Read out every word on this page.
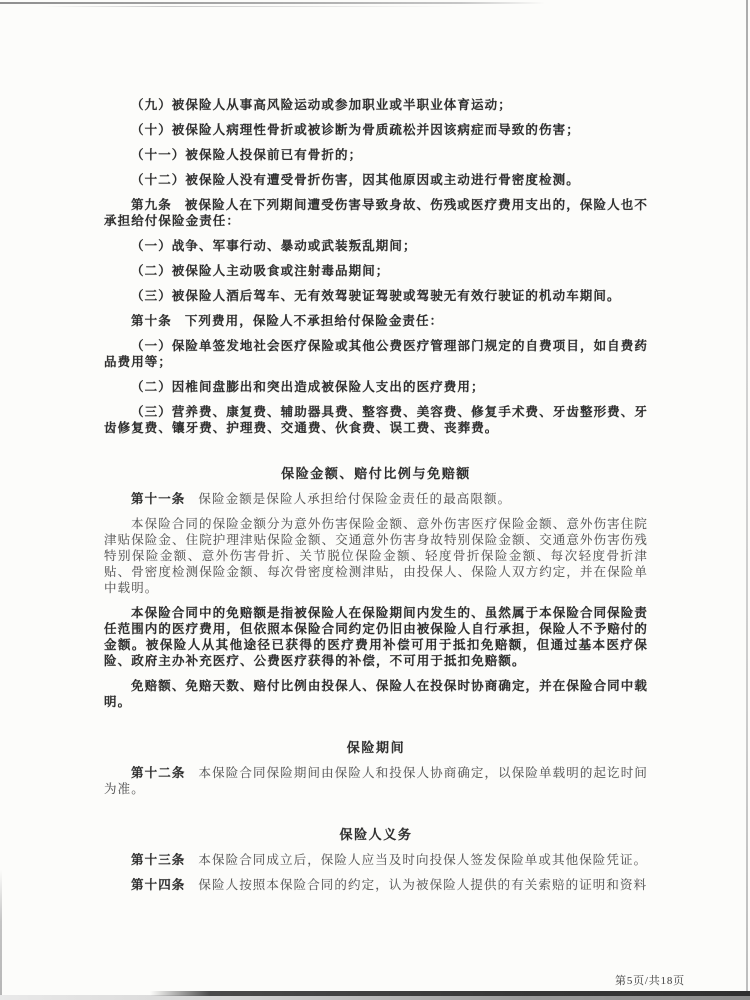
（九）被保险人从事高风险运动或参加职业或半职业体育运动；

（十）被保险人病理性骨折或被诊断为骨质疏松并因该病症而导致的伤害；

（十一）被保险人投保前已有骨折的；

（十二）被保险人没有遭受骨折伤害，因其他原因或主动进行骨密度检测。

第九条 被保险人在下列期间遭受伤害导致身故、伤残或医疗费用支出的，保险人也不承担给付保险金责任：

（一）战争、军事行动、暴动或武装叛乱期间；

（二）被保险人主动吸食或注射毒品期间；

（三）被保险人酒后驾车、无有效驾驶证驾驶或驾驶无有效行驶证的机动车期间。

第十条 下列费用，保险人不承担给付保险金责任：

（一）保险单签发地社会医疗保险或其他公费医疗管理部门规定的自费项目，如自费药品费用等；

（二）因椎间盘膨出和突出造成被保险人支出的医疗费用；

（三）营养费、康复费、辅助器具费、整容费、美容费、修复手术费、牙齿整形费、牙齿修复费、镶牙费、护理费、交通费、伙食费、误工费、丧葬费。

保险金额、赔付比例与免赔额

第十一条 保险金额是保险人承担给付保险金责任的最高限额。

本保险合同的保险金额分为意外伤害保险金额、意外伤害医疗保险金额、意外伤害住院津贴保险金、住院护理津贴保险金额、交通意外伤害身故特别保险金额、交通意外伤害伤残特别保险金额、意外伤害骨折、关节脱位保险金额、轻度骨折保险金额、每次轻度骨折津贴、骨密度检测保险金额、每次骨密度检测津贴，由投保人、保险人双方约定，并在保险单中载明。

本保险合同中的免赔额是指被保险人在保险期间内发生的、虽然属于本保险合同保险责任范围内的医疗费用，但依照本保险合同约定仍旧由被保险人自行承担，保险人不予赔付的金额。被保险人从其他途径已获得的医疗费用补偿可用于抵扣免赔额，但通过基本医疗保险、政府主办补充医疗、公费医疗获得的补偿，不可用于抵扣免赔额。

免赔额、免赔天数、赔付比例由投保人、保险人在投保时协商确定，并在保险合同中载明。

保险期间

第十二条 本保险合同保险期间由保险人和投保人协商确定，以保险单载明的起讫时间为准。

保险人义务

第十三条 本保险合同成立后，保险人应当及时向投保人签发保险单或其他保险凭证。

第十四条 保险人按照本保险合同的约定，认为被保险人提供的有关索赔的证明和资料

第5页/共18页
